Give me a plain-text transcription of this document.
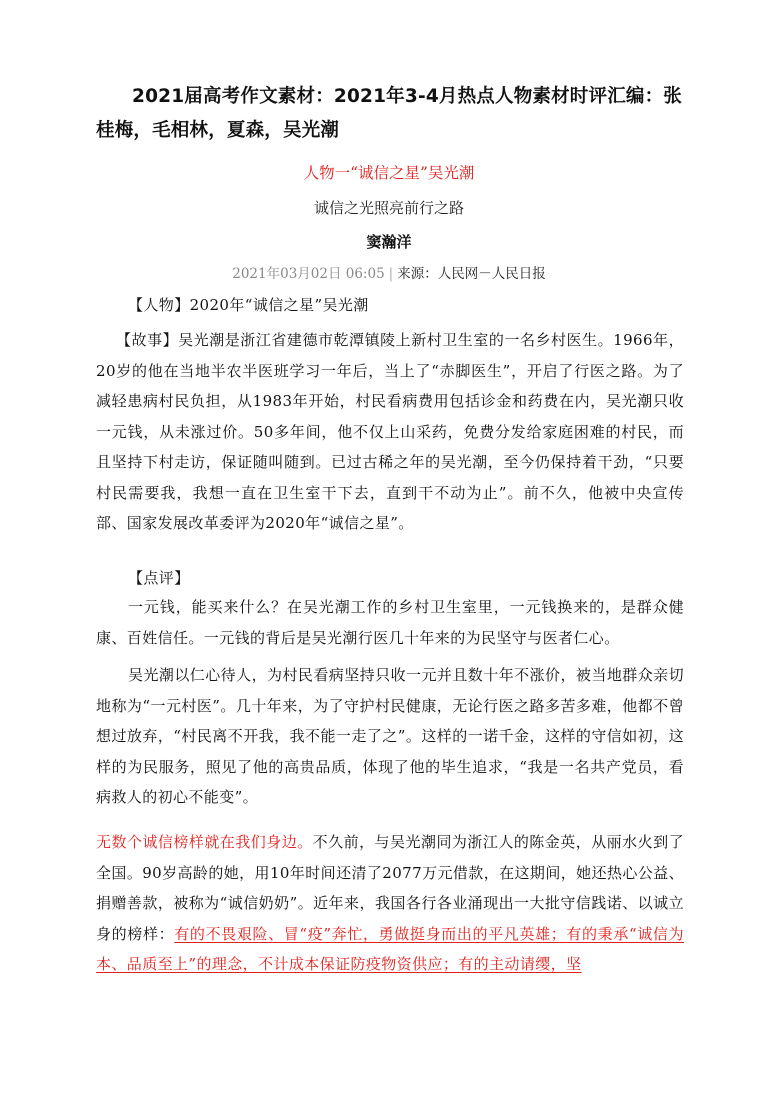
2021届高考作文素材：2021年3-4月热点人物素材时评汇编：张桂梅，毛相林，夏森，吴光潮
人物一“诚信之星”吴光潮
诚信之光照亮前行之路
窦瀚洋
2021年03月02日 06:05 | 来源：人民网－人民日报
【人物】2020年“诚信之星”吴光潮
【故事】吴光潮是浙江省建德市乾潭镇陵上新村卫生室的一名乡村医生。1966年，20岁的他在当地半农半医班学习一年后，当上了“赤脚医生”，开启了行医之路。为了减轻患病村民负担，从1983年开始，村民看病费用包括诊金和药费在内，吴光潮只收一元钱，从未涨过价。50多年间，他不仅上山采药，免费分发给家庭困难的村民，而且坚持下村走访，保证随叫随到。已过古稀之年的吴光潮，至今仍保持着干劲，“只要村民需要我，我想一直在卫生室干下去，直到干不动为止”。前不久，他被中央宣传部、国家发展改革委评为2020年“诚信之星”。
【点评】
一元钱，能买来什么？在吴光潮工作的乡村卫生室里，一元钱换来的，是群众健康、百姓信任。一元钱的背后是吴光潮行医几十年来的为民坚守与医者仁心。
吴光潮以仁心待人，为村民看病坚持只收一元并且数十年不涨价，被当地群众亲切地称为“一元村医”。几十年来，为了守护村民健康，无论行医之路多苦多难，他都不曾想过放弃，“村民离不开我，我不能一走了之”。这样的一诺千金，这样的守信如初，这样的为民服务，照见了他的高贵品质，体现了他的毕生追求，“我是一名共产党员，看病救人的初心不能变”。
无数个诚信榜样就在我们身边。不久前，与吴光潮同为浙江人的陈金英，从丽水火到了全国。90岁高龄的她，用10年时间还清了2077万元借款，在这期间，她还热心公益、捐赠善款，被称为“诚信奶奶”。近年来，我国各行各业涌现出一大批守信践诺、以诚立身的榜样：有的不畏艰险、冒“疫”奔忙，勇做挺身而出的平凡英雄；有的秉承“诚信为本、品质至上”的理念，不计成本保证防疫物资供应；有的主动请缨，坚
